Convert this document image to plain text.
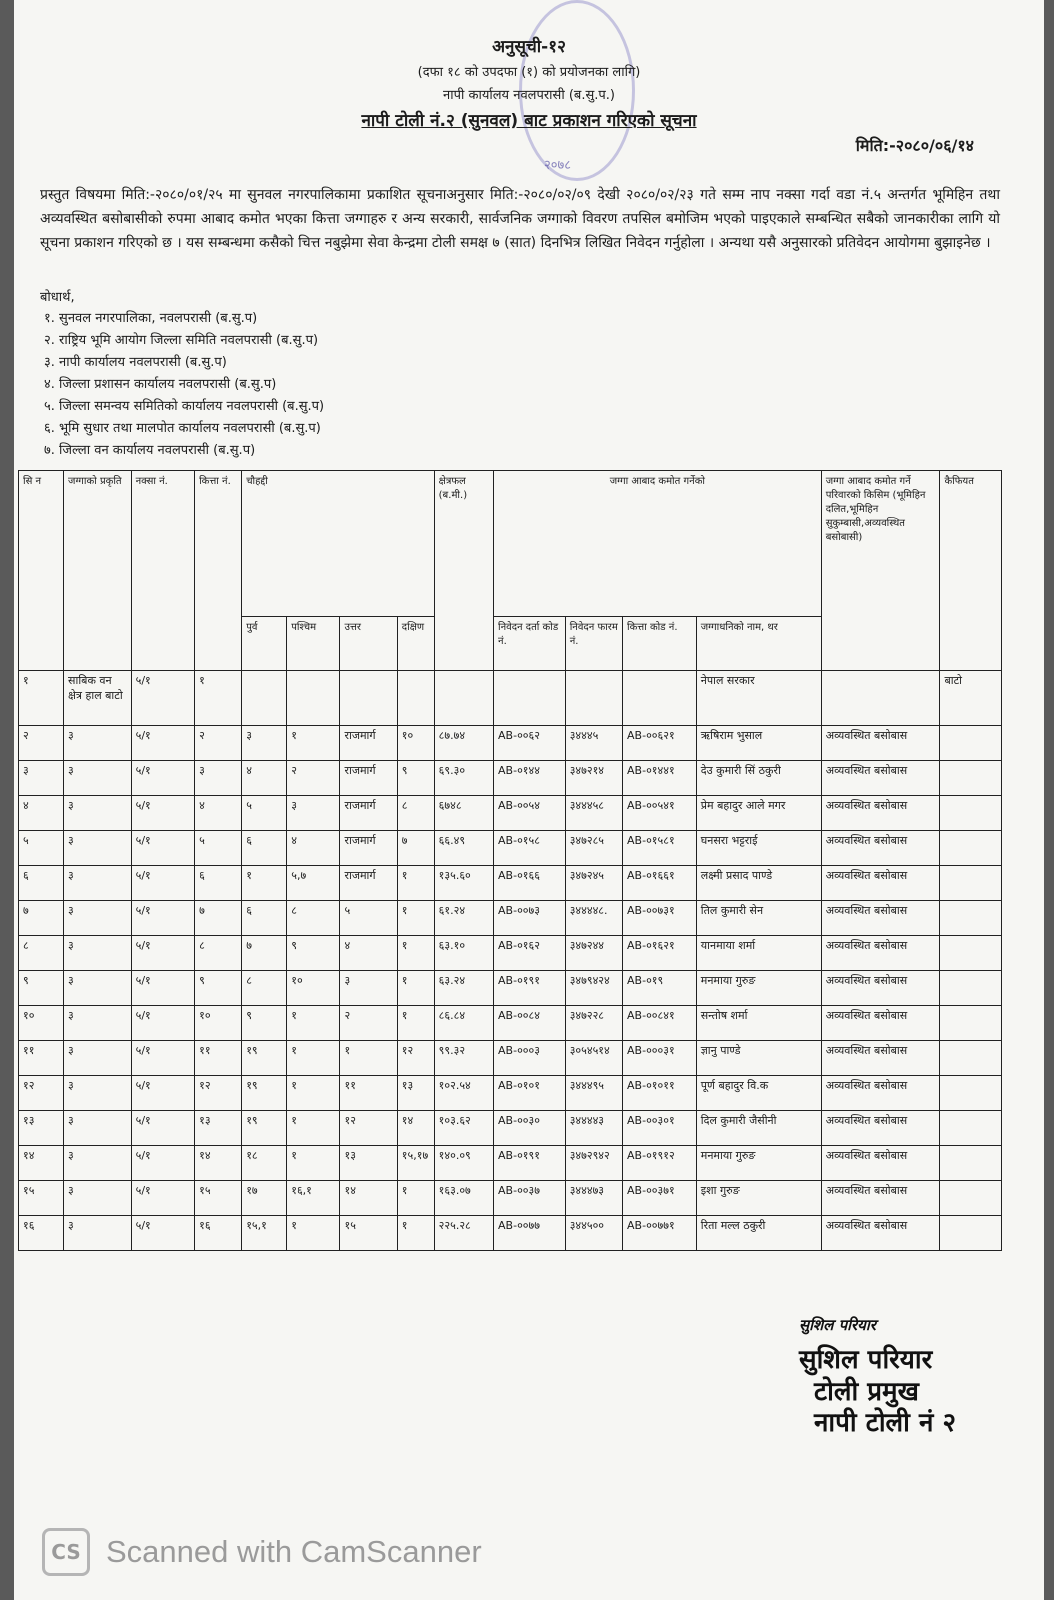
२०७८
अनुसूची-१२
(दफा १८ को उपदफा (१) को प्रयोजनका लागि)
नापी कार्यालय नवलपरासी (ब.सु.प.)
नापी टोली नं.२ (सुनवल) बाट प्रकाशन गरिएको सूचना
मिति:-२०८०/०६/१४
प्रस्तुत विषयमा मिति:-२०८०/०१/२५ मा सुनवल नगरपालिकामा प्रकाशित सूचनाअनुसार मिति:-२०८०/०२/०९ देखी २०८०/०२/२३ गते सम्म नाप नक्सा गर्दा वडा नं.५ अन्तर्गत भूमिहिन तथा अव्यवस्थित बसोबासीको रुपमा आबाद कमोत भएका कित्ता जग्गाहरु र अन्य सरकारी, सार्वजनिक जग्गाको विवरण तपसिल बमोजिम भएको पाइएकाले सम्बन्धित सबैको जानकारीका लागि यो सूचना प्रकाशन गरिएको छ । यस सम्बन्धमा कसैको चित्त नबुझेमा सेवा केन्द्रमा टोली समक्ष ७ (सात) दिनभित्र लिखित निवेदन गर्नुहोला । अन्यथा यसै अनुसारको प्रतिवेदन आयोगमा बुझाइनेछ ।
बोधार्थ,
१. सुनवल नगरपालिका, नवलपरासी (ब.सु.प)
२. राष्ट्रिय भूमि आयोग जिल्ला समिति नवलपरासी (ब.सु.प)
३. नापी कार्यालय नवलपरासी (ब.सु.प)
४. जिल्ला प्रशासन कार्यालय नवलपरासी (ब.सु.प)
५. जिल्ला समन्वय समितिको कार्यालय नवलपरासी (ब.सु.प)
६. भूमि सुधार तथा मालपोत कार्यालय नवलपरासी (ब.सु.प)
७. जिल्ला वन कार्यालय नवलपरासी (ब.सु.प)
सि न	जग्गाको प्रकृति	नक्सा नं.	कित्ता नं.	चौहद्दी				क्षेत्रफल (ब.मी.)	जग्गा आबाद कमोत गर्नेको				जग्गा आबाद कमोत गर्ने परिवारको किसिम (भूमिहिन दलित,भूमिहिन सुकुम्बासी,अव्यवस्थित बसोबासी)	कैफियत
				पुर्व	पश्चिम	उत्तर	दक्षिण		निवेदन दर्ता कोड नं.	निवेदन फारम नं.	कित्ता कोड नं.	जग्गाधनिको नाम, थर		
१	साबिक वन क्षेत्र हाल बाटो	५/१	१									नेपाल सरकार		बाटो
२	३	५/१	२	३	१	राजमार्ग	१०	८७.७४	AB-००६२	३४४४५	AB-००६२१	ऋषिराम भुसाल	अव्यवस्थित बसोबास	
३	३	५/१	३	४	२	राजमार्ग	९	६९.३०	AB-०१४४	३४७२१४	AB-०१४४१	देउ कुमारी सिं ठकुरी	अव्यवस्थित बसोबास	
४	३	५/१	४	५	३	राजमार्ग	८	६७४८	AB-००५४	३४४४५८	AB-००५४१	प्रेम बहादुर आले मगर	अव्यवस्थित बसोबास	
५	३	५/१	५	६	४	राजमार्ग	७	६६.४९	AB-०१५८	३४७२८५	AB-०१५८१	घनसरा भट्टराई	अव्यवस्थित बसोबास	
६	३	५/१	६	१	५,७	राजमार्ग	१	१३५.६०	AB-०१६६	३४७२४५	AB-०१६६१	लक्ष्मी प्रसाद पाण्डे	अव्यवस्थित बसोबास	
७	३	५/१	७	६	८	५	१	६१.२४	AB-००७३	३४४४४८.	AB-००७३१	तिल कुमारी सेन	अव्यवस्थित बसोबास	
८	३	५/१	८	७	९	४	१	६३.१०	AB-०१६२	३४७२४४	AB-०१६२१	यानमाया शर्मा	अव्यवस्थित बसोबास	
९	३	५/१	९	८	१०	३	१	६३.२४	AB-०१९१	३४७९४२४	AB-०१९	मनमाया गुरुङ	अव्यवस्थित बसोबास	
१०	३	५/१	१०	९	१	२	१	८६.८४	AB-००८४	३४७२२८	AB-००८४१	सन्तोष शर्मा	अव्यवस्थित बसोबास	
११	३	५/१	११	१९	१	१	१२	९९.३२	AB-०००३	३०५४५१४	AB-०००३१	ज्ञानु पाण्डे	अव्यवस्थित बसोबास	
१२	३	५/१	१२	१९	१	११	१३	१०२.५४	AB-०१०१	३४४४९५	AB-०१०११	पूर्ण बहादुर वि.क	अव्यवस्थित बसोबास	
१३	३	५/१	१३	१९	१	१२	१४	१०३.६२	AB-००३०	३४४४४३	AB-००३०१	दिल कुमारी जैसीनी	अव्यवस्थित बसोबास	
१४	३	५/१	१४	१८	१	१३	१५,१७	१४०.०९	AB-०१९१	३४७२९४२	AB-०१९१२	मनमाया गुरुङ	अव्यवस्थित बसोबास	
१५	३	५/१	१५	१७	१६,१	१४	१	१६३.०७	AB-००३७	३४४४७३	AB-००३७१	इशा गुरुङ	अव्यवस्थित बसोबास	
१६	३	५/१	१६	१५,१	१	१५	१	२२५.२८	AB-००७७	३४४५००	AB-००७७१	रिता मल्ल ठकुरी	अव्यवस्थित बसोबास	
सुशिल परियार
सुशिल परियार
टोली प्रमुख
नापी टोली नं २
CS Scanned with CamScanner
